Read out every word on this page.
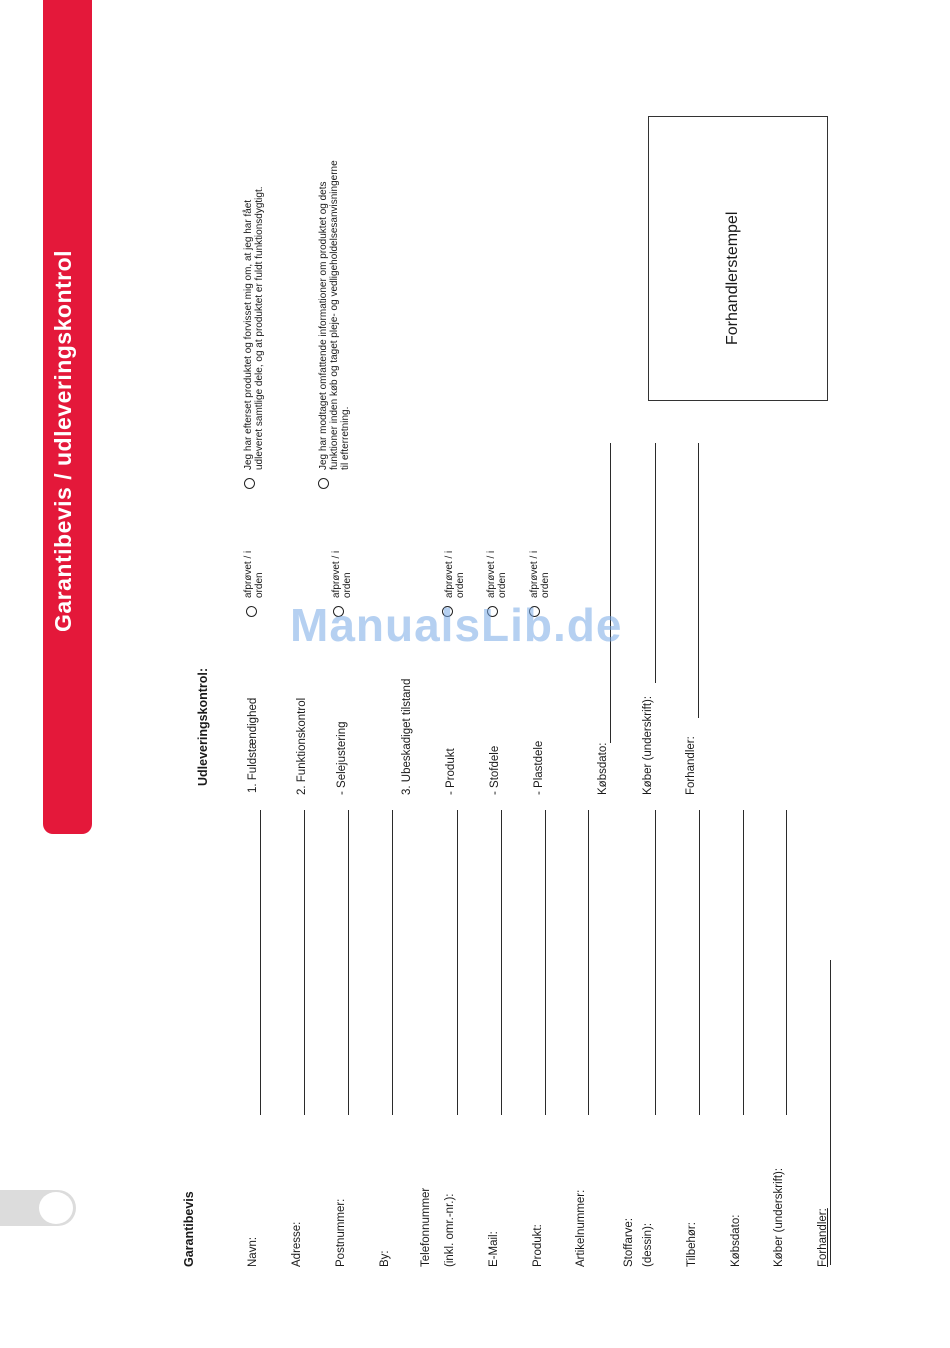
Garantibevis / udleveringskontrol
Garantibevis	Navn:	Adresse:	Postnummer:	By:	Telefonnummer (inkl. omr.-nr.):	E-Mail:	Produkt:	Artikelnummer:	Stoffarve: (dessin):	Tilbehør:	Købsdato:	Køber (underskrift):	Forhandler:
Udleveringskontrol:	1. Fuldstændighed
afprøvet / i orden
2. Funktionskontrol - Selejustering
afprøvet / i orden
3. Ubeskadiget tilstand	- Produkt
afprøvet / i orden
- Stofdele
afprøvet / i orden
- Plastdele
afprøvet / i orden
Købsdato:	Køber (underskrift):	Forhandler:
Jeg har efterset produktet og forvisset mig om, at jeg har fået udleveret samtlige dele, og at produktet er fuldt funktionsdygtigt.	Jeg har modtaget omfattende informationer om produktet og dets funktioner inden køb og taget pleje- og vedligeholdelsesanvisningerne til efterretning.
Forhandlerstempel
ManualsLib.de
